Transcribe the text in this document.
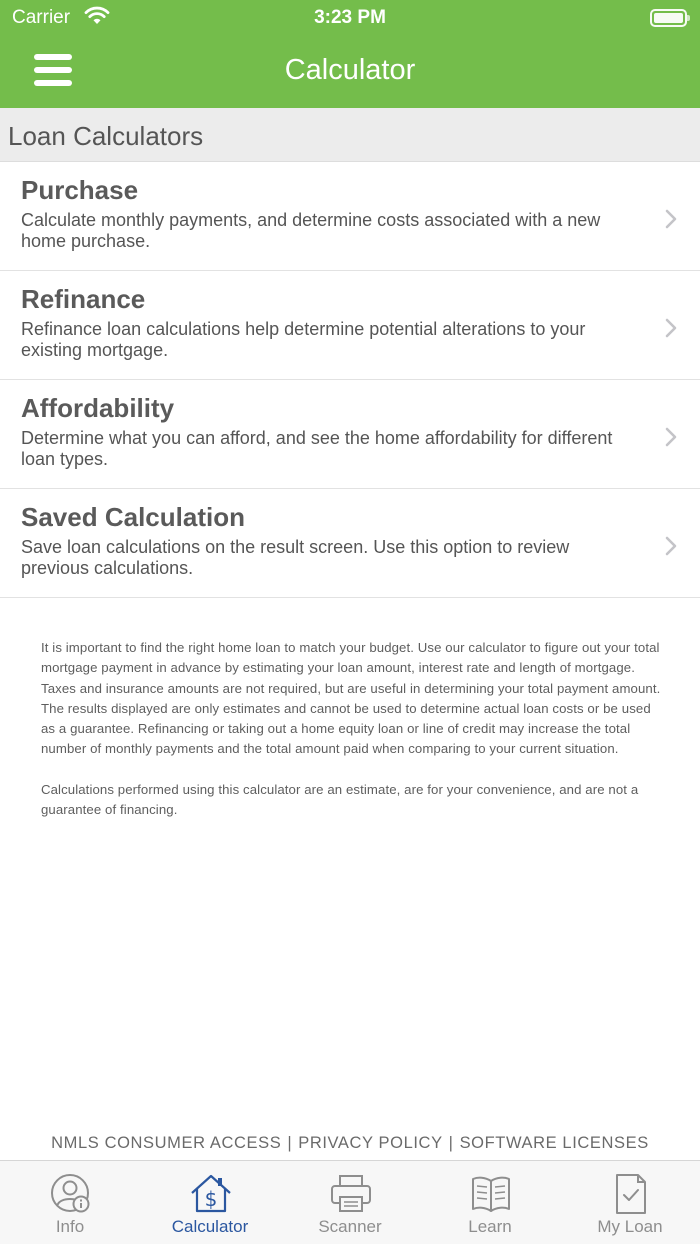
Carrier	3:23 PM
Calculator
Loan Calculators
Purchase
Calculate monthly payments, and determine costs associated with a new home purchase.
Refinance
Refinance loan calculations help determine potential alterations to your existing mortgage.
Affordability
Determine what you can afford, and see the home affordability for different loan types.
Saved Calculation
Save loan calculations on the result screen. Use this option to review previous calculations.

It is important to find the right home loan to match your budget. Use our calculator to figure out your total mortgage payment in advance by estimating your loan amount, interest rate and length of mortgage. Taxes and insurance amounts are not required, but are useful in determining your total payment amount. The results displayed are only estimates and cannot be used to determine actual loan costs or be used as a guarantee. Refinancing or taking out a home equity loan or line of credit may increase the total number of monthly payments and the total amount paid when comparing to your current situation.

Calculations performed using this calculator are an estimate, are for your convenience, and are not a guarantee of financing.

NMLS CONSUMER ACCESS | PRIVACY POLICY | SOFTWARE LICENSES
Info
$
Calculator	Scanner	Learn	My Loan
